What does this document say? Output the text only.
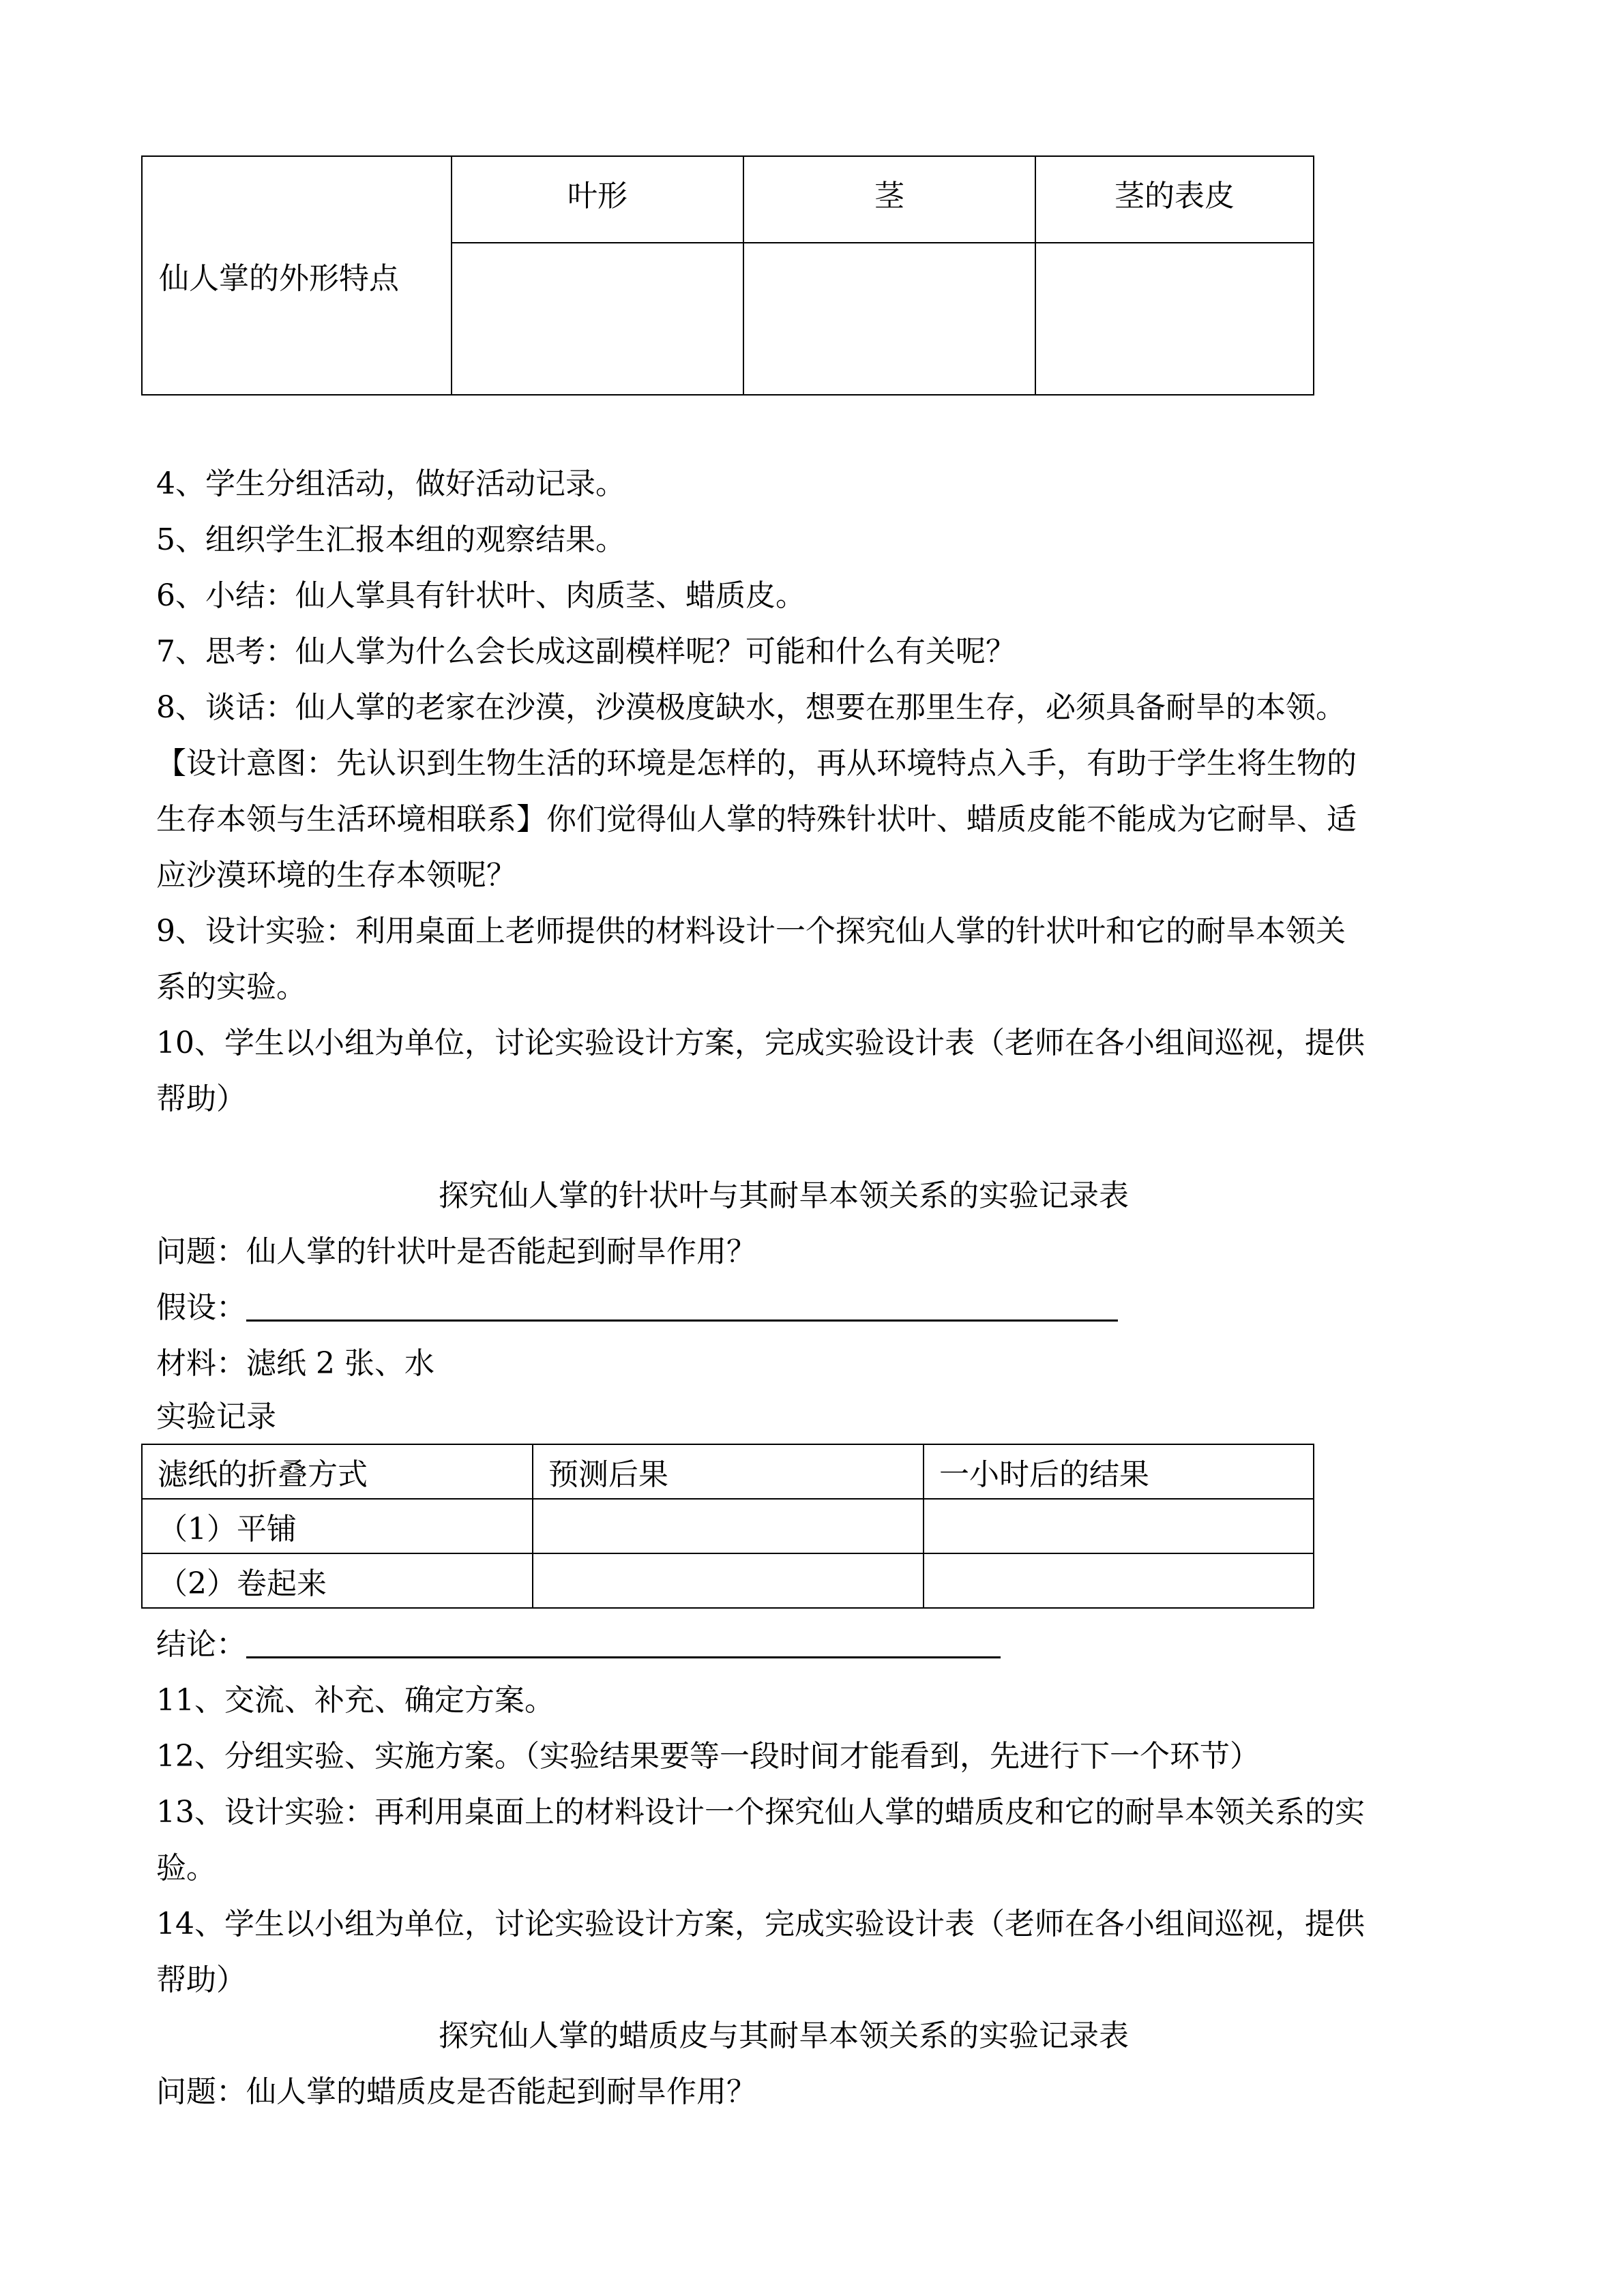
仙人掌的外形特点	叶形	茎	茎的表皮

4、学生分组活动，做好活动记录。

5、组织学生汇报本组的观察结果。

6、小结：仙人掌具有针状叶、肉质茎、蜡质皮。

7、思考：仙人掌为什么会长成这副模样呢？可能和什么有关呢？

8、谈话：仙人掌的老家在沙漠，沙漠极度缺水，想要在那里生存，必须具备耐旱的本领。

【设计意图：先认识到生物生活的环境是怎样的，再从环境特点入手，有助于学生将生物的

生存本领与生活环境相联系】你们觉得仙人掌的特殊针状叶、蜡质皮能不能成为它耐旱、适

应沙漠环境的生存本领呢？

9、设计实验：利用桌面上老师提供的材料设计一个探究仙人掌的针状叶和它的耐旱本领关

系的实验。

10、学生以小组为单位，讨论实验设计方案，完成实验设计表（老师在各小组间巡视，提供

帮助）

探究仙人掌的针状叶与其耐旱本领关系的实验记录表

问题：仙人掌的针状叶是否能起到耐旱作用？

假设：

材料：滤纸 2 张、水

实验记录

滤纸的折叠方式	预测后果	一小时后的结果
（1）平铺		
（2）卷起来		
结论：

11、交流、补充、确定方案。

12、分组实验、实施方案。（实验结果要等一段时间才能看到，先进行下一个环节）

13、设计实验：再利用桌面上的材料设计一个探究仙人掌的蜡质皮和它的耐旱本领关系的实

验。

14、学生以小组为单位，讨论实验设计方案，完成实验设计表（老师在各小组间巡视，提供

帮助）

探究仙人掌的蜡质皮与其耐旱本领关系的实验记录表

问题：仙人掌的蜡质皮是否能起到耐旱作用？
